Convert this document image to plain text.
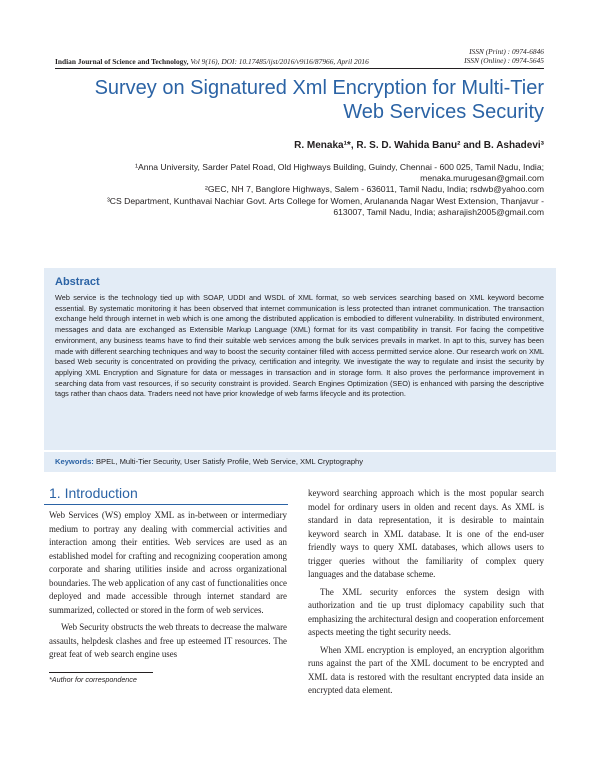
ISSN (Print) : 0974-6846
ISSN (Online) : 0974-5645
Indian Journal of Science and Technology, Vol 9(16), DOI: 10.17485/ijst/2016/v9i16/87966, April 2016
Survey on Signatured Xml Encryption for Multi-Tier
Web Services Security
R. Menaka¹*, R. S. D. Wahida Banu² and B. Ashadevi³
¹Anna University, Sarder Patel Road, Old Highways Building, Guindy, Chennai - 600 025, Tamil Nadu, India;
menaka.murugesan@gmail.com
²GEC, NH 7, Banglore Highways, Salem - 636011, Tamil Nadu, India; rsdwb@yahoo.com
³CS Department, Kunthavai Nachiar Govt. Arts College for Women, Arulananda Nagar West Extension, Thanjavur -
613007, Tamil Nadu, India; asharajish2005@gmail.com
Abstract
Web service is the technology tied up with SOAP, UDDI and WSDL of XML format, so web services searching based on XML keyword become essential. By systematic monitoring it has been observed that internet communication is less protected than intranet communication. The transaction exchange held through internet in web which is one among the distributed application is embodied to different vulnerability. In distributed environment, messages and data are exchanged as Extensible Markup Language (XML) format for its vast compatibility in transit. For facing the competitive environment, any business teams have to find their suitable web services among the bulk services prevails in market. In apt to this, survey has been made with different searching techniques and way to boost the security container filled with access permitted service alone. Our research work on XML based Web security is concentrated on providing the privacy, certification and integrity. We investigate the way to regulate and insist the security by applying XML Encryption and Signature for data or messages in transaction and in storage form. It also proves the performance improvement in searching data from vast resources, if so security constraint is provided. Search Engines Optimization (SEO) is enhanced with parsing the descriptive tags rather than chaos data. Traders need not have prior knowledge of web farms lifecycle and its protection.
Keywords: BPEL, Multi-Tier Security, User Satisfy Profile, Web Service, XML Cryptography
1. Introduction

Web Services (WS) employ XML as in-between or intermediary medium to portray any dealing with commercial activities and interaction among their entities. Web services are used as an established model for crafting and recognizing cooperation among corporate and sharing utilities inside and across organizational boundaries. The web application of any cast of functionalities once deployed and made accessible through internet standard are summarized, collected or stored in the form of web services.

Web Security obstructs the web threats to decrease the malware assaults, helpdesk clashes and free up esteemed IT resources. The great feat of web search engine uses

keyword searching approach which is the most popular search model for ordinary users in olden and recent days. As XML is standard in data representation, it is desirable to maintain keyword search in XML database. It is one of the end-user friendly ways to query XML databases, which allows users to trigger queries without the familiarity of complex query languages and the database scheme.

The XML security enforces the system design with authorization and tie up trust diplomacy capability such that emphasizing the architectural design and cooperation enforcement aspects meeting the tight security needs.

When XML encryption is employed, an encryption algorithm runs against the part of the XML document to be encrypted and XML data is restored with the resultant encrypted data inside an encrypted data element.

*Author for correspondence
